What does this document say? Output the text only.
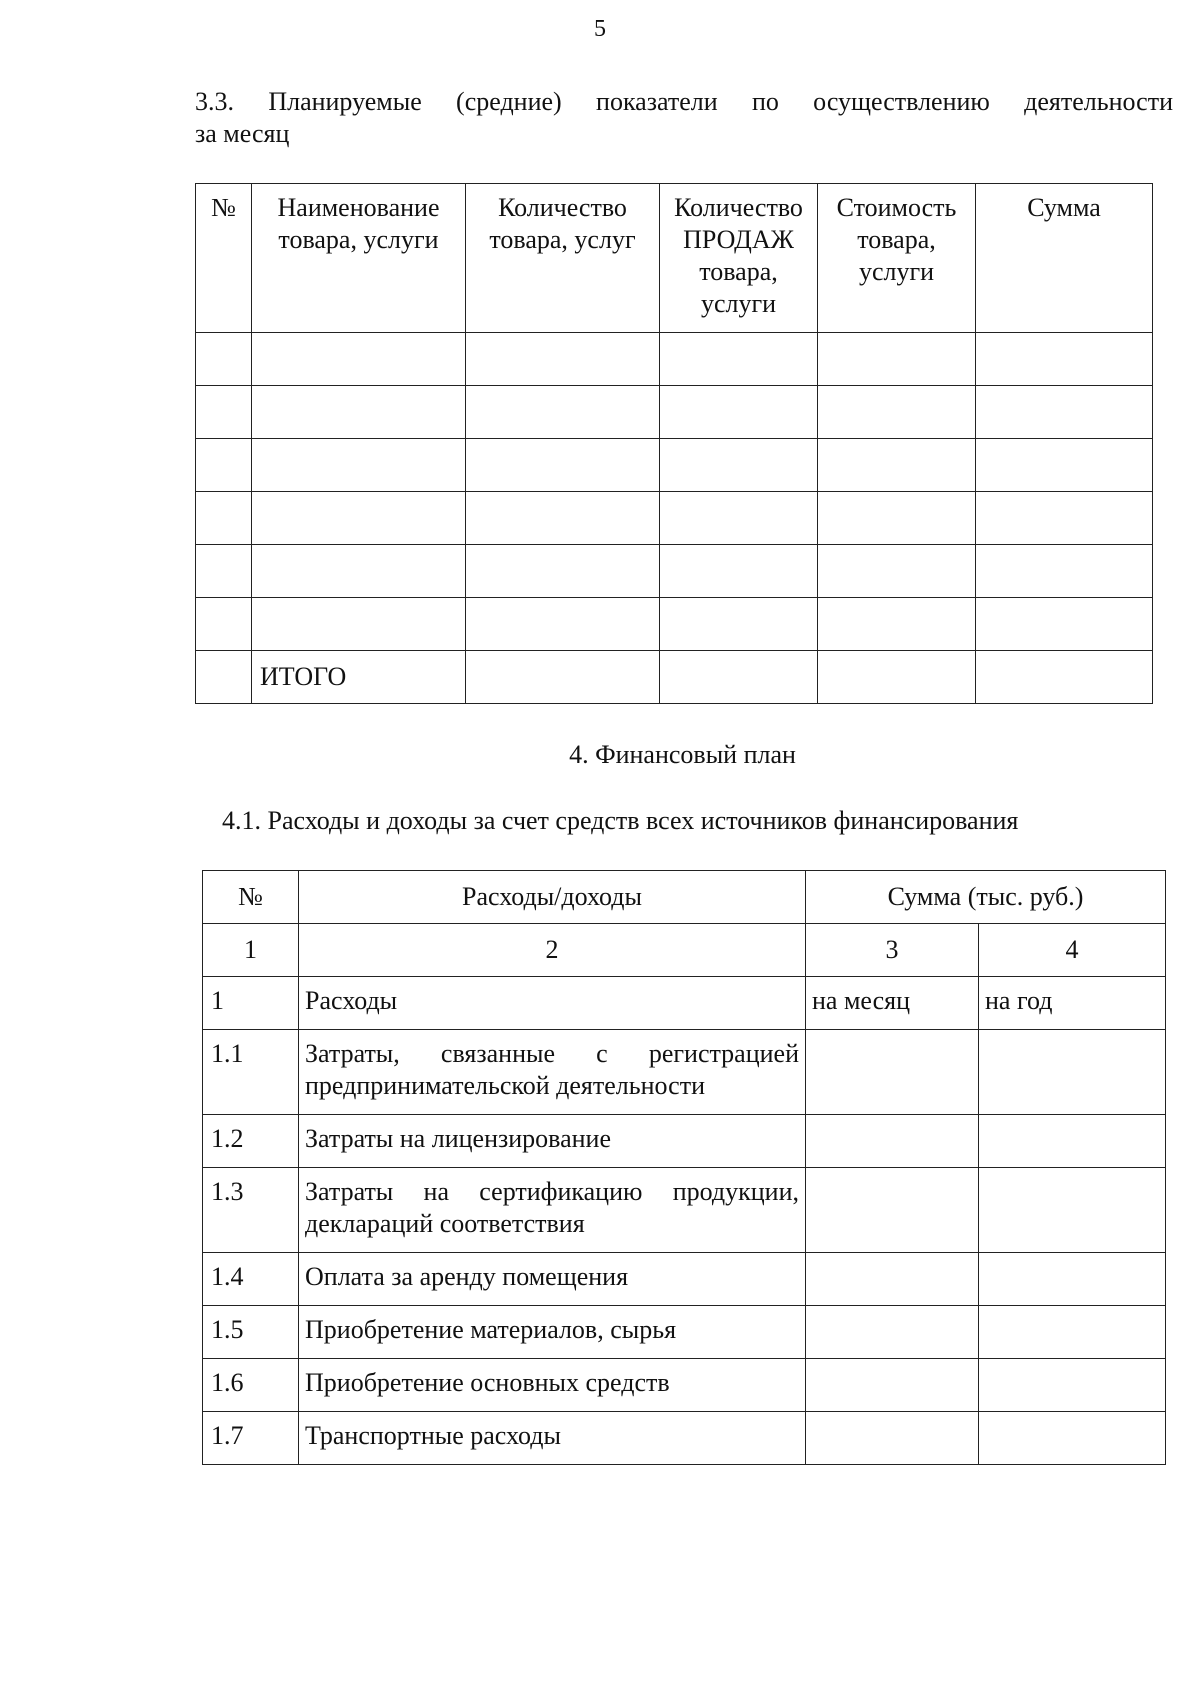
5
3.3. Планируемые (средние) показатели по осуществлению деятельности
за месяц
№	Наименование товара, услуги	Количество товара, услуг	Количество ПРОДАЖ товара, услуги	Стоимость товара, услуги	Сумма

	ИТОГО				
4. Финансовый план
4.1. Расходы и доходы за счет средств всех источников финансирования
№	Расходы/доходы	Сумма (тыс. руб.)	
1	2	3	4
1	Расходы	на месяц	на год
1.1	Затраты, связанные с регистрацией предпринимательской деятельности		
1.2	Затраты на лицензирование		
1.3	Затраты на сертификацию продукции, деклараций соответствия		
1.4	Оплата за аренду помещения		
1.5	Приобретение материалов, сырья		
1.6	Приобретение основных средств		
1.7	Транспортные расходы		
